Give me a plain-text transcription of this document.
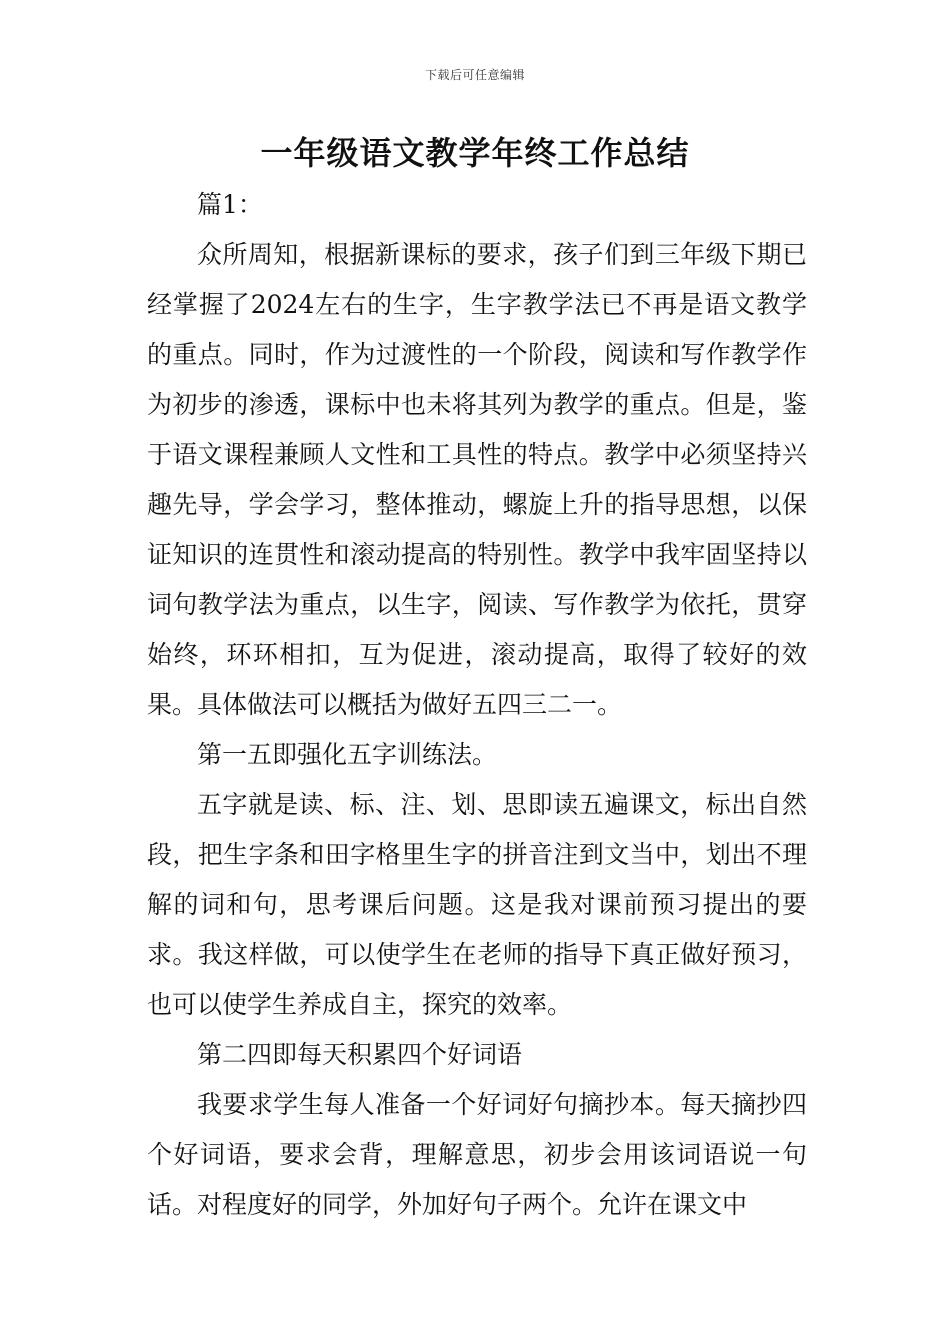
下载后可任意编辑
一年级语文教学年终工作总结

篇1：

众所周知，根据新课标的要求，孩子们到三年级下期已经掌握了2024左右的生字，生字教学法已不再是语文教学的重点。同时，作为过渡性的一个阶段，阅读和写作教学作为初步的渗透，课标中也未将其列为教学的重点。但是，鉴于语文课程兼顾人文性和工具性的特点。教学中必须坚持兴趣先导，学会学习，整体推动，螺旋上升的指导思想，以保证知识的连贯性和滚动提高的特别性。教学中我牢固坚持以词句教学法为重点，以生字，阅读、写作教学为依托，贯穿始终，环环相扣，互为促进，滚动提高，取得了较好的效果。具体做法可以概括为做好五四三二一。

第一五即强化五字训练法。

五字就是读、标、注、划、思即读五遍课文，标出自然段，把生字条和田字格里生字的拼音注到文当中，划出不理解的词和句，思考课后问题。这是我对课前预习提出的要求。我这样做，可以使学生在老师的指导下真正做好预习，也可以使学生养成自主，探究的效率。

第二四即每天积累四个好词语

我要求学生每人准备一个好词好句摘抄本。每天摘抄四个好词语，要求会背，理解意思，初步会用该词语说一句话。对程度好的同学，外加好句子两个。允许在课文中
